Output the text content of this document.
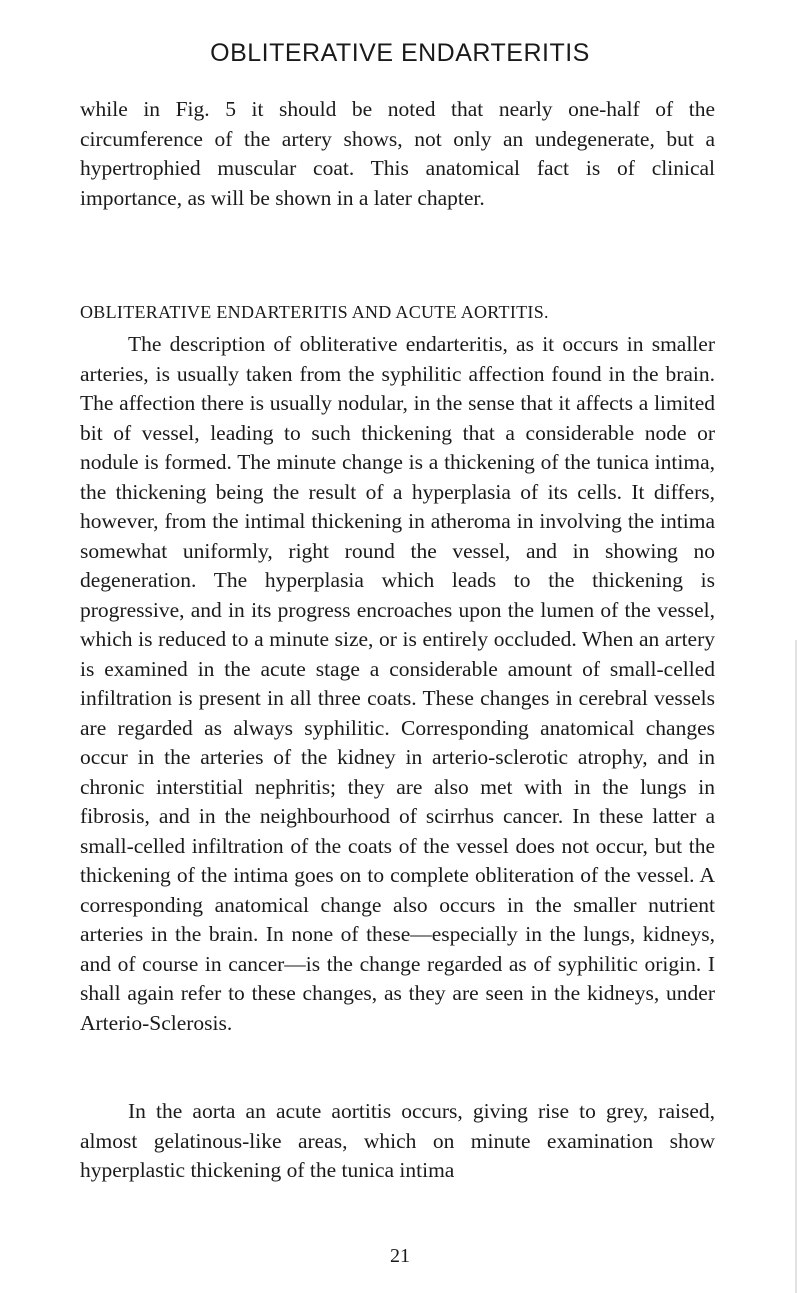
OBLITERATIVE ENDARTERITIS

while in Fig. 5 it should be noted that nearly one-half of the circumference of the artery shows, not only an undegenerate, but a hypertrophied muscular coat. This anatomical fact is of clinical importance, as will be shown in a later chapter.

OBLITERATIVE ENDARTERITIS AND ACUTE AORTITIS.

The description of obliterative endarteritis, as it occurs in smaller arteries, is usually taken from the syphilitic affection found in the brain. The affection there is usually nodular, in the sense that it affects a limited bit of vessel, leading to such thickening that a considerable node or nodule is formed. The minute change is a thickening of the tunica intima, the thickening being the result of a hyperplasia of its cells. It differs, however, from the intimal thickening in atheroma in involving the intima somewhat uniformly, right round the vessel, and in showing no degeneration. The hyperplasia which leads to the thickening is progressive, and in its progress encroaches upon the lumen of the vessel, which is reduced to a minute size, or is entirely occluded. When an artery is examined in the acute stage a considerable amount of small-celled infiltration is present in all three coats. These changes in cerebral vessels are regarded as always syphilitic. Corresponding anatomical changes occur in the arteries of the kidney in arterio-sclerotic atrophy, and in chronic interstitial nephritis; they are also met with in the lungs in fibrosis, and in the neighbourhood of scirrhus cancer. In these latter a small-celled infiltration of the coats of the vessel does not occur, but the thickening of the intima goes on to complete obliteration of the vessel. A corresponding anatomical change also occurs in the smaller nutrient arteries in the brain. In none of these—especially in the lungs, kidneys, and of course in cancer—is the change regarded as of syphilitic origin. I shall again refer to these changes, as they are seen in the kidneys, under Arterio-Sclerosis.

In the aorta an acute aortitis occurs, giving rise to grey, raised, almost gelatinous-like areas, which on minute examination show hyperplastic thickening of the tunica intima

21
